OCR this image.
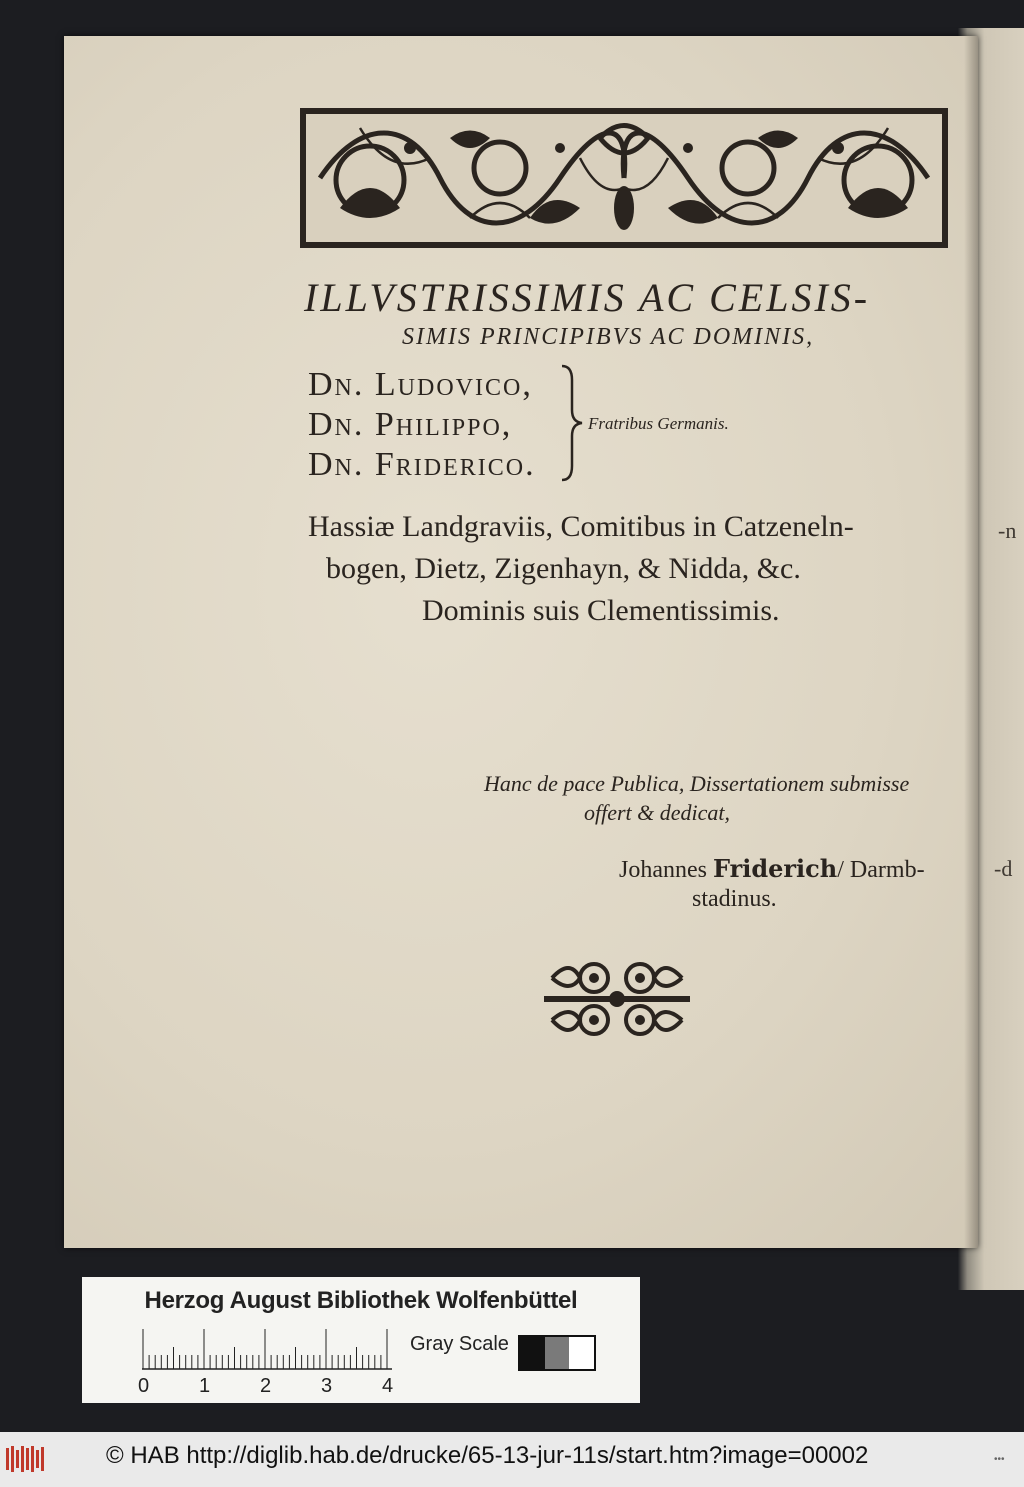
-n
-d
ILLVSTRISSIMIS AC CELSIS-
SIMIS PRINCIPIBVS AC DOMINIS,
Dn. Ludovico,
Dn. Philippo,
Dn. Friderico.
Fratribus Germanis.
Hassiæ Landgraviis, Comitibus in Catzeneln-
bogen, Dietz, Zigenhayn, & Nidda, &c.
Dominis suis Clementissimis.
Hanc de pace Publica, Dissertationem submisse
offert & dedicat,
Johannes Friderich/ Darmb-
stadinus.
Herzog August Bibliothek Wolfenbüttel
0 1 2 3 4
Gray Scale
© HAB http://diglib.hab.de/drucke/65-13-jur-11s/start.htm?image=00002	•••
